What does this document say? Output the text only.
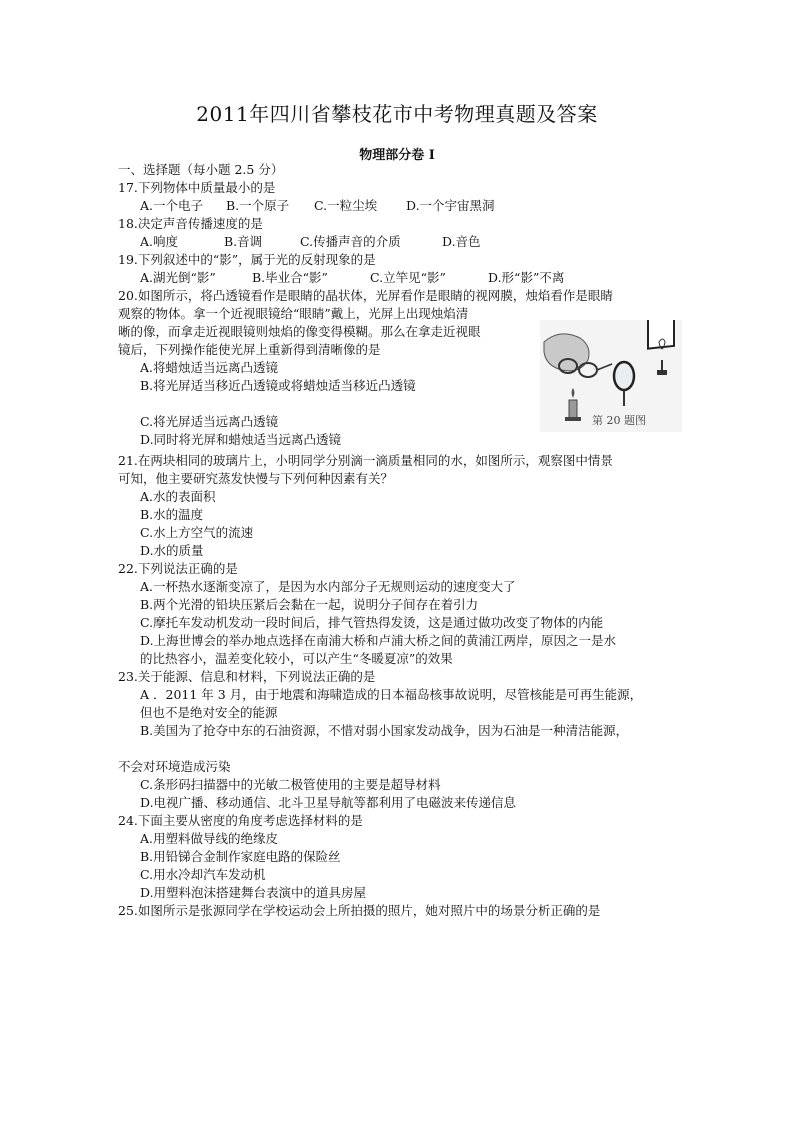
2011年四川省攀枝花市中考物理真题及答案
物理部分卷 I
一、选择题（每小题 2.5 分）
17.下列物体中质量最小的是
A.一个电子 B.一个原子 C.一粒尘埃 D.一个宇宙黑洞
18.决定声音传播速度的是
A.响度	B.音调	C.传播声音的介质	D.音色
19.下列叙述中的“影”，属于光的反射现象的是
A.湖光倒“影”	B.毕业合“影”	C.立竿见“影”	D.形“影”不离
20.如图所示，将凸透镜看作是眼睛的晶状体，光屏看作是眼睛的视网膜，烛焰看作是眼睛
观察的物体。拿一个近视眼镜给“眼睛”戴上，光屏上出现烛焰清
晰的像，而拿走近视眼镜则烛焰的像变得模糊。那么在拿走近视眼
镜后，下列操作能使光屏上重新得到清晰像的是
A.将蜡烛适当远离凸透镜
B.将光屏适当移近凸透镜或将蜡烛适当移近凸透镜
C.将光屏适当远离凸透镜
D.同时将光屏和蜡烛适当远离凸透镜
第 20 题图
21.在两块相同的玻璃片上，小明同学分别滴一滴质量相同的水，如图所示，观察图中情景
可知，他主要研究蒸发快慢与下列何种因素有关？
A.水的表面积
B.水的温度
C.水上方空气的流速
D.水的质量
22.下列说法正确的是
A.一杯热水逐渐变凉了，是因为水内部分子无规则运动的速度变大了
B.两个光滑的铅块压紧后会黏在一起，说明分子间存在着引力
C.摩托车发动机发动一段时间后，排气管热得发烫，这是通过做功改变了物体的内能
D.上海世博会的举办地点选择在南浦大桥和卢浦大桥之间的黄浦江两岸，原因之一是水
的比热容小，温差变化较小，可以产生“冬暖夏凉”的效果
23.关于能源、信息和材料，下列说法正确的是
A ．2011 年 3 月，由于地震和海啸造成的日本福岛核事故说明，尽管核能是可再生能源，
但也不是绝对安全的能源
B.美国为了抢夺中东的石油资源，不惜对弱小国家发动战争，因为石油是一种清洁能源，
不会对环境造成污染
C.条形码扫描器中的光敏二极管使用的主要是超导材料
D.电视广播、移动通信、北斗卫星导航等都利用了电磁波来传递信息
24.下面主要从密度的角度考虑选择材料的是
A.用塑料做导线的绝缘皮
B.用铅锑合金制作家庭电路的保险丝
C.用水冷却汽车发动机
D.用塑料泡沫搭建舞台表演中的道具房屋
25.如图所示是张源同学在学校运动会上所拍摄的照片，她对照片中的场景分析正确的是
